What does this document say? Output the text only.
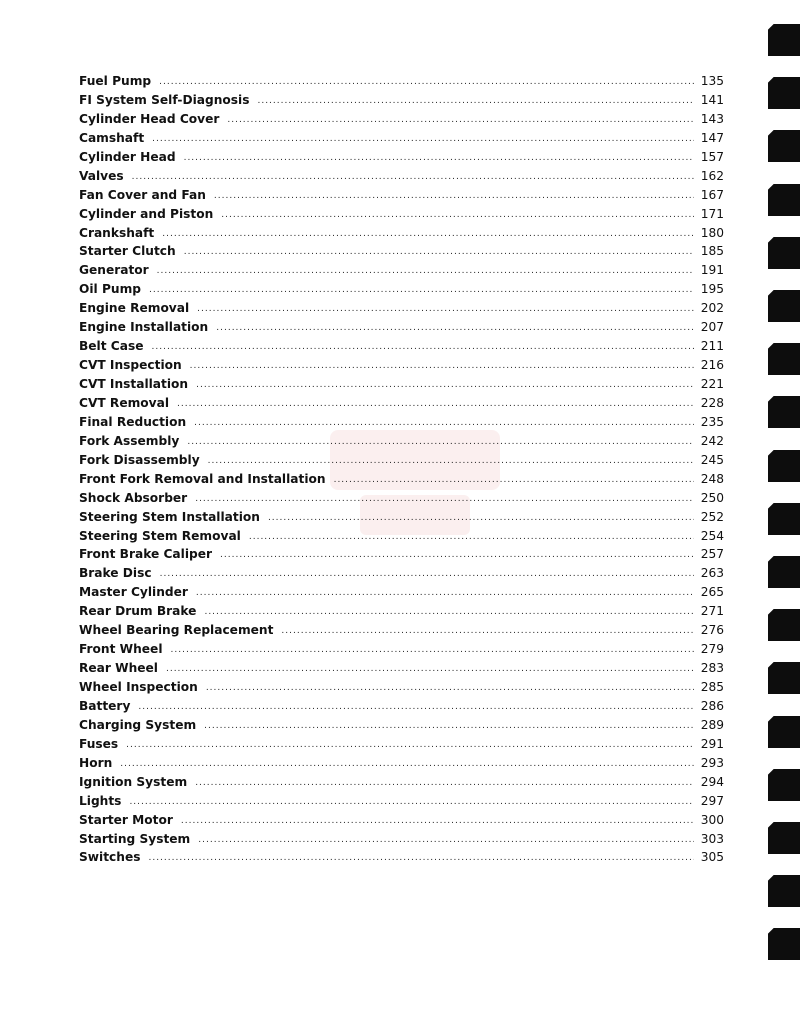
Fuel Pump .....	135
FI System Self-Diagnosis .....	141
Cylinder Head Cover .....	143
Camshaft .....	147
Cylinder Head .....	157
Valves .....	162
Fan Cover and Fan .....	167
Cylinder and Piston .....	171
Crankshaft .....	180
Starter Clutch .....	185
Generator .....	191
Oil Pump .....	195
Engine Removal .....	202
Engine Installation .....	207
Belt Case .....	211
CVT Inspection .....	216
CVT Installation .....	221
CVT Removal .....	228
Final Reduction .....	235
Fork Assembly .....	242
Fork Disassembly .....	245
Front Fork Removal and Installation .....	248
Shock Absorber .....	250
Steering Stem Installation .....	252
Steering Stem Removal .....	254
Front Brake Caliper .....	257
Brake Disc .....	263
Master Cylinder .....	265
Rear Drum Brake .....	271
Wheel Bearing Replacement .....	276
Front Wheel .....	279
Rear Wheel .....	283
Wheel Inspection .....	285
Battery .....	286
Charging System .....	289
Fuses .....	291
Horn .....	293
Ignition System .....	294
Lights .....	297
Starter Motor .....	300
Starting System .....	303
Switches .....	305
